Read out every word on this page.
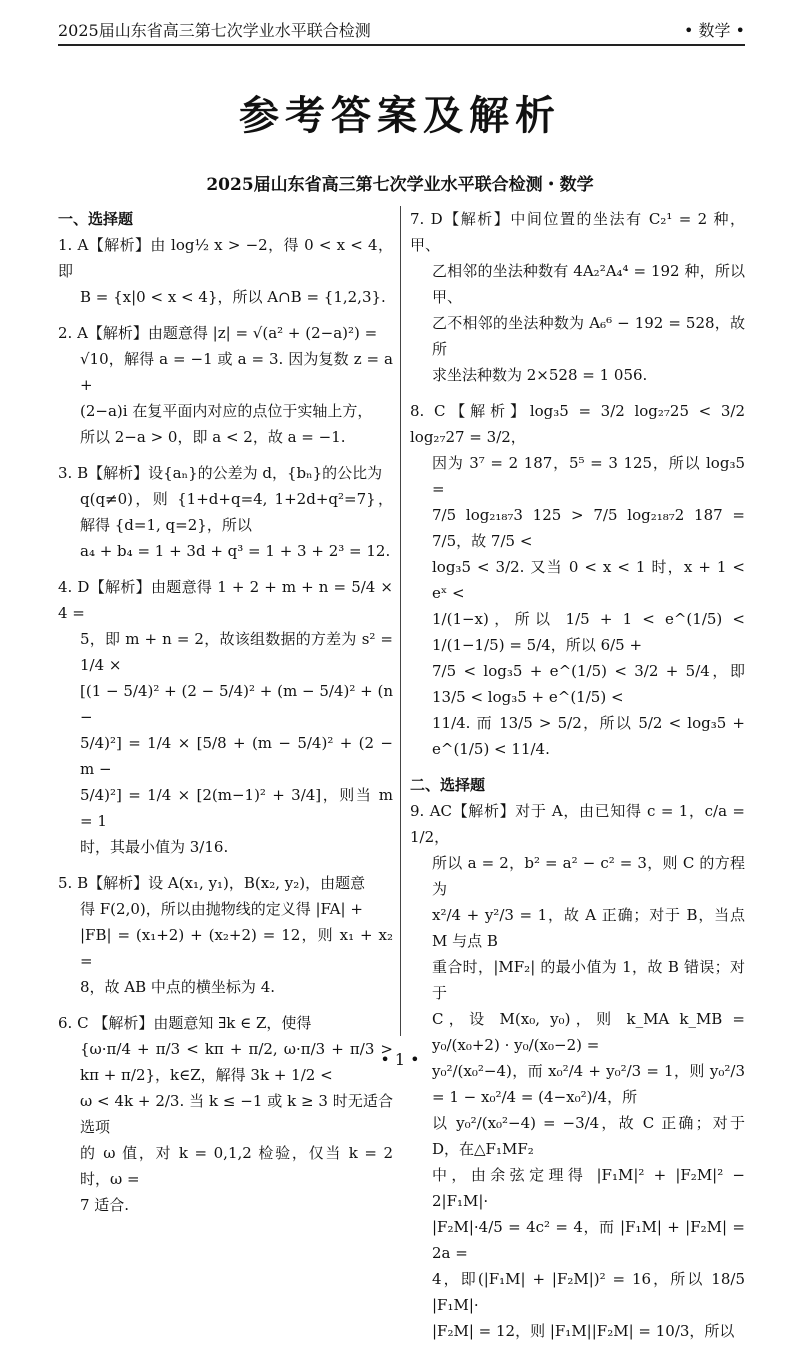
2025届山东省高三第七次学业水平联合检测	• 数学 •
参考答案及解析
2025届山东省高三第七次学业水平联合检测・数学
一、选择题

1. A【解析】由 log½ x > −2，得 0 < x < 4，即

B = {x|0 < x < 4}，所以 A∩B = {1,2,3}.

2. A【解析】由题意得 |z| = √(a² + (2−a)²) =

√10，解得 a = −1 或 a = 3. 因为复数 z = a +

(2−a)i 在复平面内对应的点位于实轴上方，

所以 2−a > 0，即 a < 2，故 a = −1.

3. B【解析】设{aₙ}的公差为 d，{bₙ}的公比为

q(q≠0)，则 {1+d+q=4, 1+2d+q²=7}，解得 {d=1, q=2}，所以

a₄ + b₄ = 1 + 3d + q³ = 1 + 3 + 2³ = 12.

4. D【解析】由题意得 1 + 2 + m + n = 5/4 × 4 =

5，即 m + n = 2，故该组数据的方差为 s² = 1/4 ×

[(1 − 5/4)² + (2 − 5/4)² + (m − 5/4)² + (n −

5/4)²] = 1/4 × [5/8 + (m − 5/4)² + (2 − m −

5/4)²] = 1/4 × [2(m−1)² + 3/4]，则当 m = 1

时，其最小值为 3/16.

5. B【解析】设 A(x₁, y₁)，B(x₂, y₂)，由题意

得 F(2,0)，所以由抛物线的定义得 |FA| +

|FB| = (x₁+2) + (x₂+2) = 12，则 x₁ + x₂ =

8，故 AB 中点的横坐标为 4.

6. C 【解析】由题意知 ∃k ∈ Z，使得

{ω·π/4 + π/3 < kπ + π/2, ω·π/3 + π/3 > kπ + π/2}，k∈Z，解得 3k + 1/2 <

ω < 4k + 2/3. 当 k ≤ −1 或 k ≥ 3 时无适合选项

的 ω 值，对 k = 0,1,2 检验，仅当 k = 2 时，ω =

7 适合.

7. D【解析】中间位置的坐法有 C₂¹ = 2 种，甲、

乙相邻的坐法种数有 4A₂²A₄⁴ = 192 种，所以甲、

乙不相邻的坐法种数为 A₆⁶ − 192 = 528，故所

求坐法种数为 2×528 = 1 056.

8. C【解析】log₃5 = 3/2 log₂₇25 < 3/2 log₂₇27 = 3/2，

因为 3⁷ = 2 187，5⁵ = 3 125，所以 log₃5 =

7/5 log₂₁₈₇3 125 > 7/5 log₂₁₈₇2 187 = 7/5，故 7/5 <

log₃5 < 3/2. 又当 0 < x < 1 时，x + 1 < eˣ <

1/(1−x)，所以 1/5 + 1 < e^(1/5) < 1/(1−1/5) = 5/4，所以 6/5 +

7/5 < log₃5 + e^(1/5) < 3/2 + 5/4，即 13/5 < log₃5 + e^(1/5) <

11/4. 而 13/5 > 5/2，所以 5/2 < log₃5 + e^(1/5) < 11/4.

二、选择题

9. AC【解析】对于 A，由已知得 c = 1，c/a = 1/2，

所以 a = 2，b² = a² − c² = 3，则 C 的方程为

x²/4 + y²/3 = 1，故 A 正确；对于 B，当点 M 与点 B

重合时，|MF₂| 的最小值为 1，故 B 错误；对于

C，设 M(x₀, y₀)，则 k_MA k_MB = y₀/(x₀+2) · y₀/(x₀−2) =

y₀²/(x₀²−4)，而 x₀²/4 + y₀²/3 = 1，则 y₀²/3 = 1 − x₀²/4 = (4−x₀²)/4，所

以 y₀²/(x₀²−4) = −3/4，故 C 正确；对于 D，在△F₁MF₂

中，由余弦定理得 |F₁M|² + |F₂M|² − 2|F₁M|·

|F₂M|·4/5 = 4c² = 4，而 |F₁M| + |F₂M| = 2a =

4，即(|F₁M| + |F₂M|)² = 16，所以 18/5 |F₁M|·

|F₂M| = 12，则 |F₁M||F₂M| = 10/3，所以

• 1 •
